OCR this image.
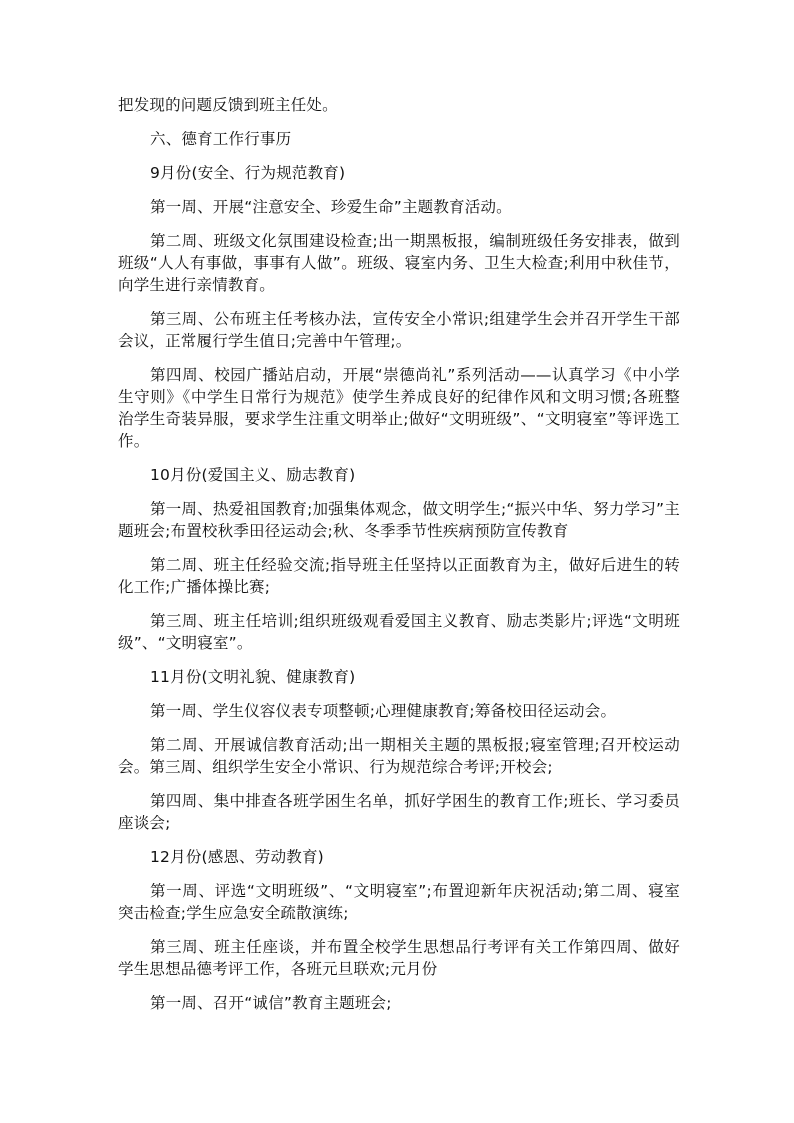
把发现的问题反馈到班主任处。

六、德育工作行事历

9月份(安全、行为规范教育)

第一周、开展“注意安全、珍爱生命”主题教育活动。

第二周、班级文化氛围建设检查;出一期黑板报，编制班级任务安排表，做到班级“人人有事做，事事有人做”。班级、寝室内务、卫生大检查;利用中秋佳节，向学生进行亲情教育。

第三周、公布班主任考核办法，宣传安全小常识;组建学生会并召开学生干部会议，正常履行学生值日;完善中午管理;。

第四周、校园广播站启动，开展“崇德尚礼”系列活动——认真学习《中小学生守则》《中学生日常行为规范》使学生养成良好的纪律作风和文明习惯;各班整治学生奇装异服，要求学生注重文明举止;做好“文明班级”、“文明寝室”等评选工作。

10月份(爱国主义、励志教育)

第一周、热爱祖国教育;加强集体观念，做文明学生;“振兴中华、努力学习”主题班会;布置校秋季田径运动会;秋、冬季季节性疾病预防宣传教育

第二周、班主任经验交流;指导班主任坚持以正面教育为主，做好后进生的转化工作;广播体操比赛;

第三周、班主任培训;组织班级观看爱国主义教育、励志类影片;评选“文明班级”、“文明寝室”。

11月份(文明礼貌、健康教育)

第一周、学生仪容仪表专项整顿;心理健康教育;筹备校田径运动会。

第二周、开展诚信教育活动;出一期相关主题的黑板报;寝室管理;召开校运动会。第三周、组织学生安全小常识、行为规范综合考评;开校会;

第四周、集中排查各班学困生名单，抓好学困生的教育工作;班长、学习委员座谈会;

12月份(感恩、劳动教育)

第一周、评选“文明班级”、“文明寝室”;布置迎新年庆祝活动;第二周、寝室突击检查;学生应急安全疏散演练;

第三周、班主任座谈，并布置全校学生思想品行考评有关工作第四周、做好学生思想品德考评工作，各班元旦联欢;元月份

第一周、召开“诚信”教育主题班会;
